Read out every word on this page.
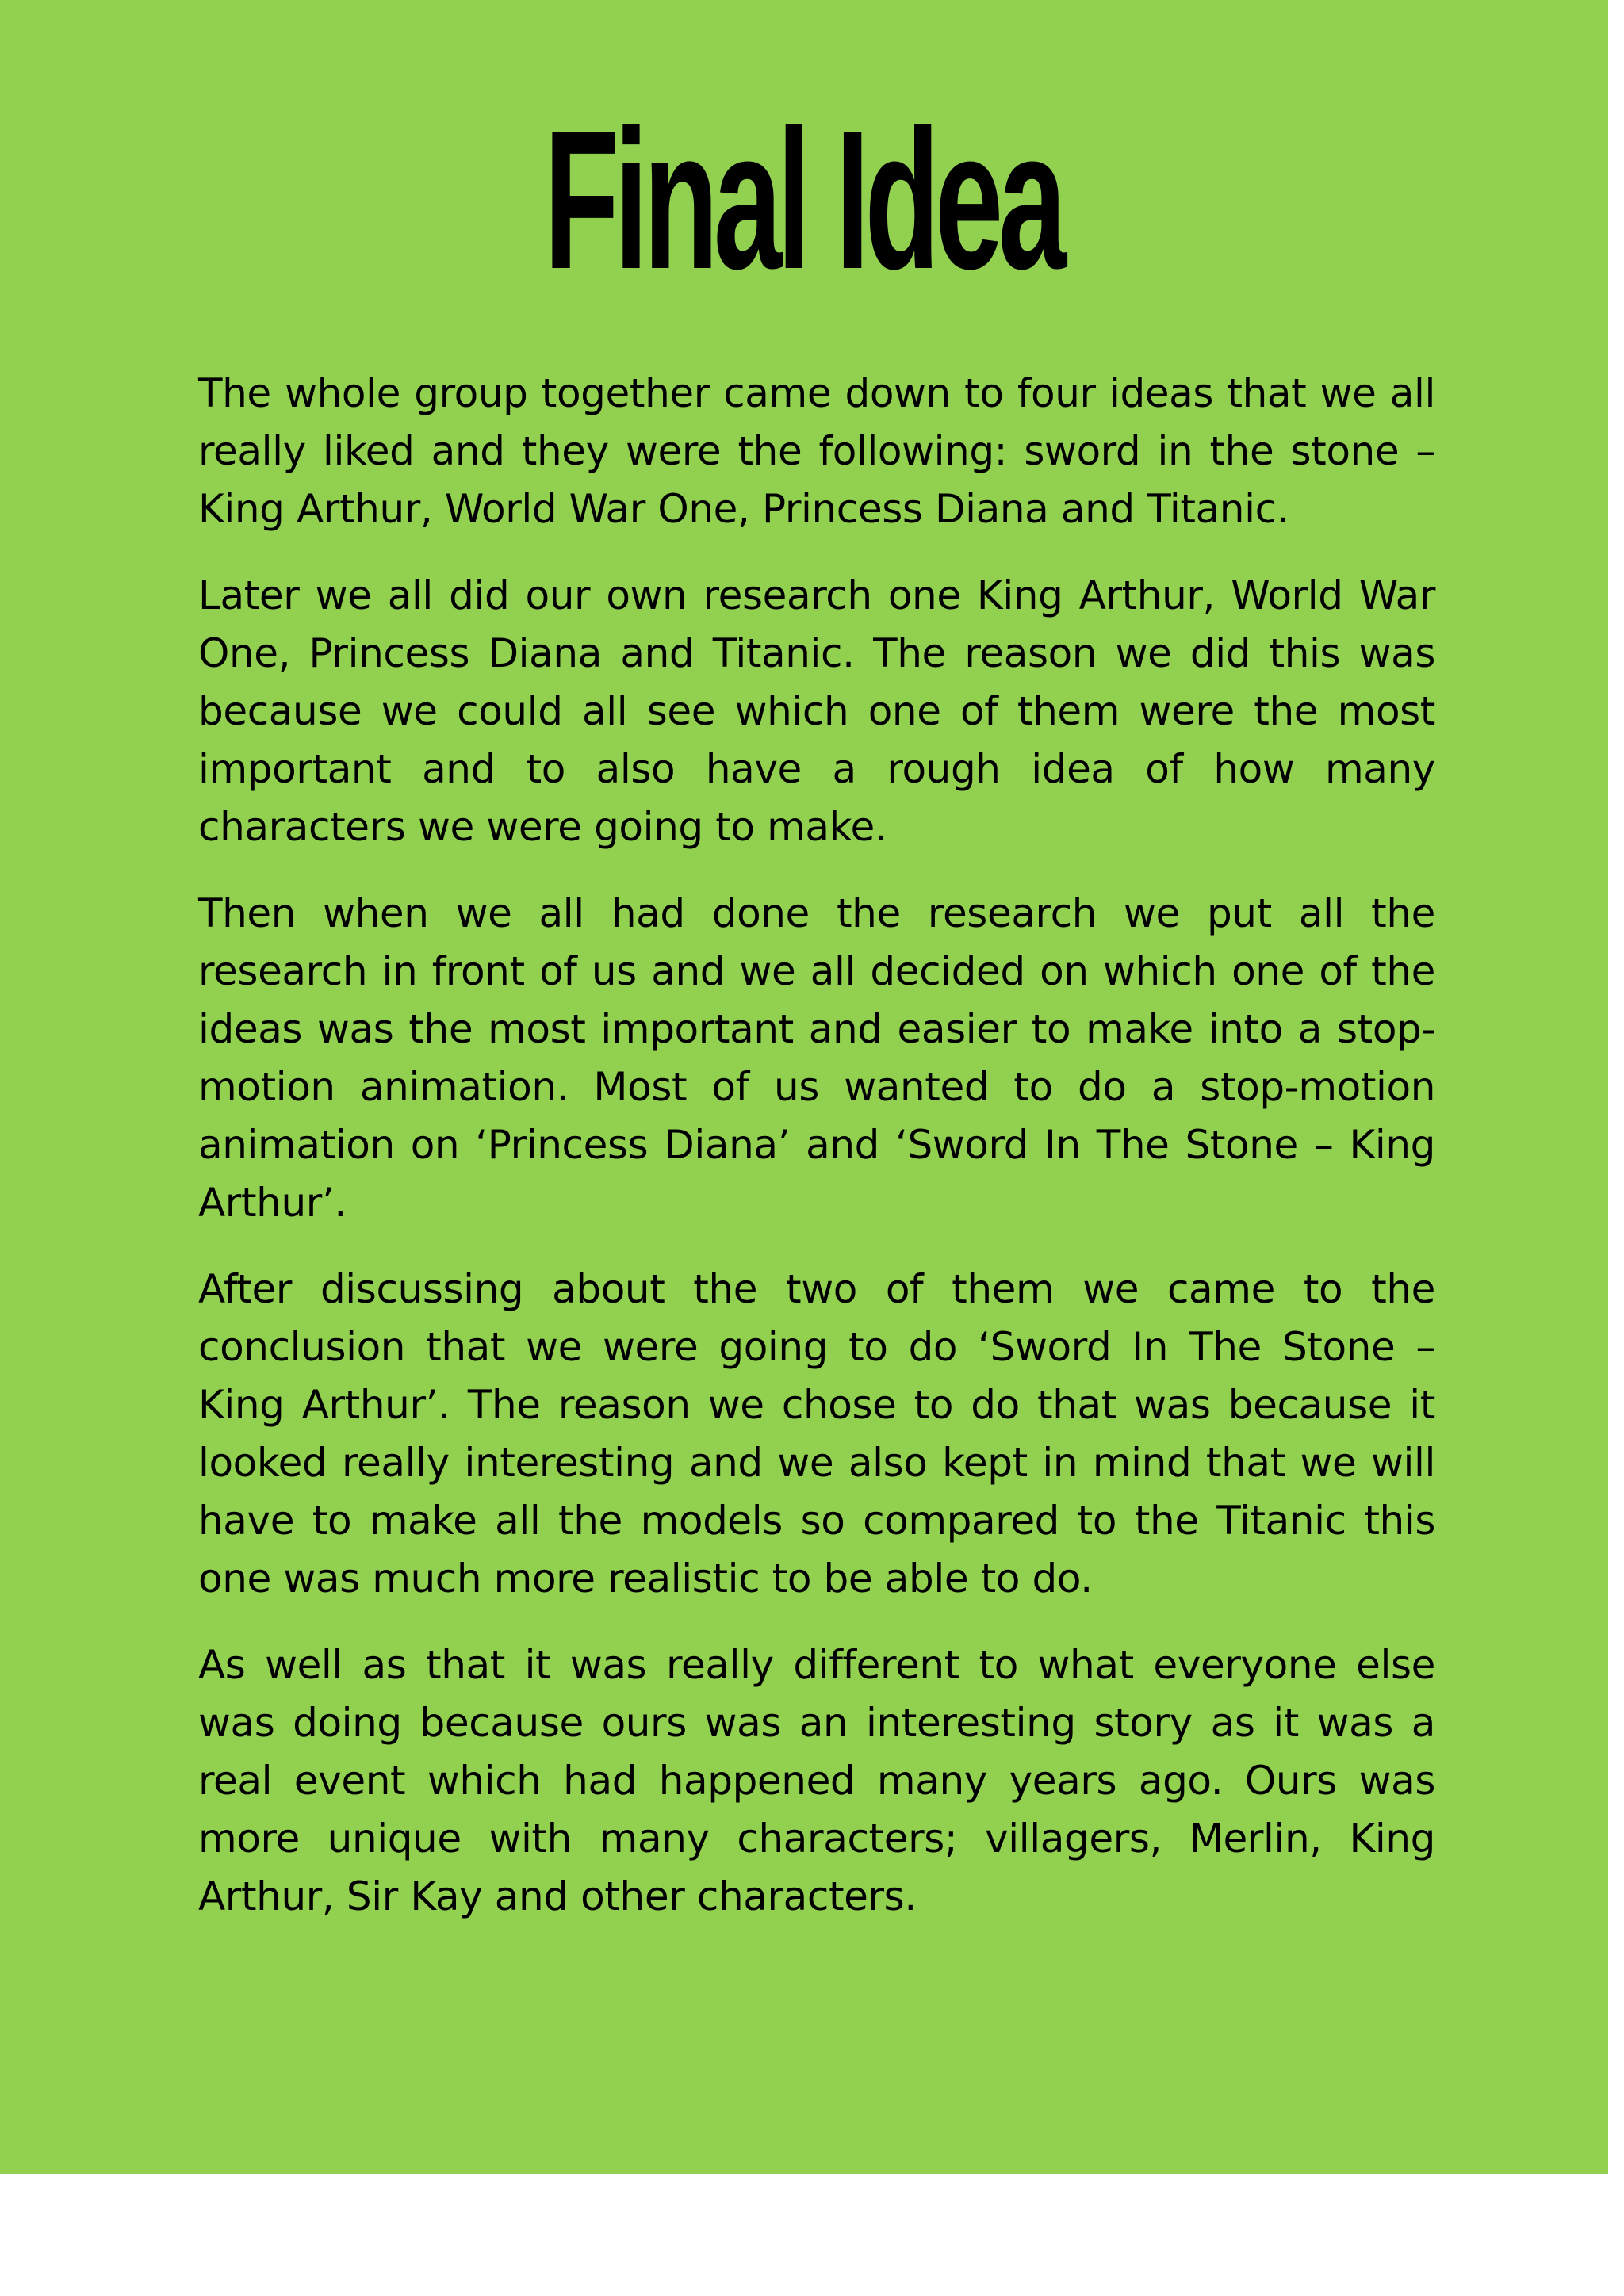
Final Idea

The whole group together came down to four ideas that we all really liked and they were the following: sword in the stone – King Arthur, World War One, Princess Diana and Titanic.

Later we all did our own research one King Arthur, World War One, Princess Diana and Titanic. The reason we did this was because we could all see which one of them were the most important and to also have a rough idea of how many characters we were going to make.

Then when we all had done the research we put all the research in front of us and we all decided on which one of the ideas was the most important and easier to make into a stop-motion animation. Most of us wanted to do a stop-motion animation on ‘Princess Diana’ and ‘Sword In The Stone – King Arthur’.

After discussing about the two of them we came to the conclusion that we were going to do ‘Sword In The Stone – King Arthur’. The reason we chose to do that was because it looked really interesting and we also kept in mind that we will have to make all the models so compared to the Titanic this one was much more realistic to be able to do.

As well as that it was really different to what everyone else was doing because ours was an interesting story as it was a real event which had happened many years ago. Ours was more unique with many characters; villagers, Merlin, King Arthur, Sir Kay and other characters.
